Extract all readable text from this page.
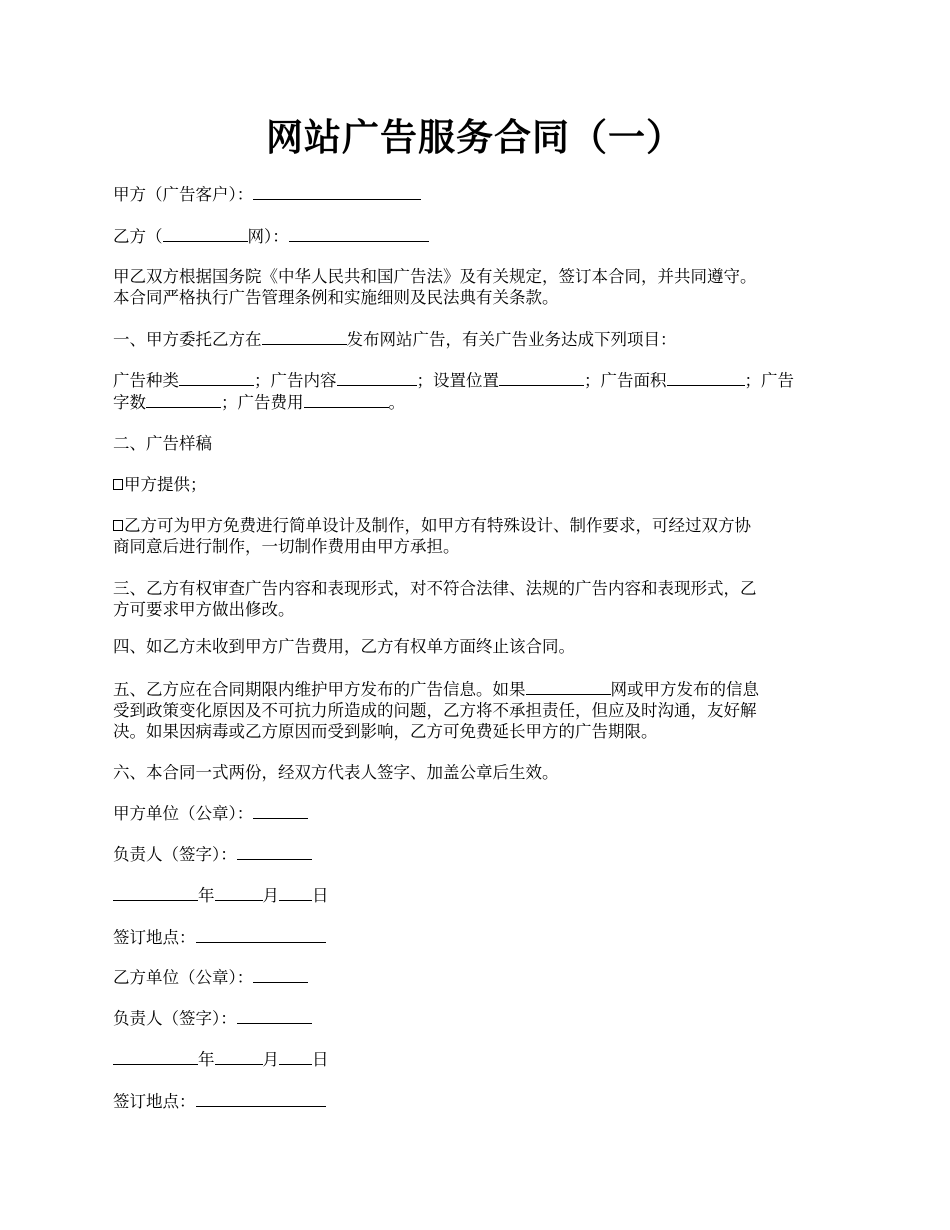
网站广告服务合同（一）
甲方（广告客户）：
乙方（	网）：
甲乙双方根据国务院《中华人民共和国广告法》及有关规定，签订本合同，并共同遵守。
本合同严格执行广告管理条例和实施细则及民法典有关条款。
一、甲方委托乙方在	发布网站广告，有关广告业务达成下列项目：
广告种类	；广告内容	；设置位置	；广告面积	；广告
字数	；广告费用	。
二、广告样稿
甲方提供；
乙方可为甲方免费进行简单设计及制作，如甲方有特殊设计、制作要求，可经过双方协
商同意后进行制作，一切制作费用由甲方承担。
三、乙方有权审查广告内容和表现形式，对不符合法律、法规的广告内容和表现形式，乙
方可要求甲方做出修改。
四、如乙方未收到甲方广告费用，乙方有权单方面终止该合同。
五、乙方应在合同期限内维护甲方发布的广告信息。如果	网或甲方发布的信息
受到政策变化原因及不可抗力所造成的问题，乙方将不承担责任，但应及时沟通，友好解
决。如果因病毒或乙方原因而受到影响，乙方可免费延长甲方的广告期限。
六、本合同一式两份，经双方代表人签字、加盖公章后生效。
甲方单位（公章）：
负责人（签字）：
年	月 日
签订地点：
乙方单位（公章）：
负责人（签字）：
年	月 日
签订地点：
